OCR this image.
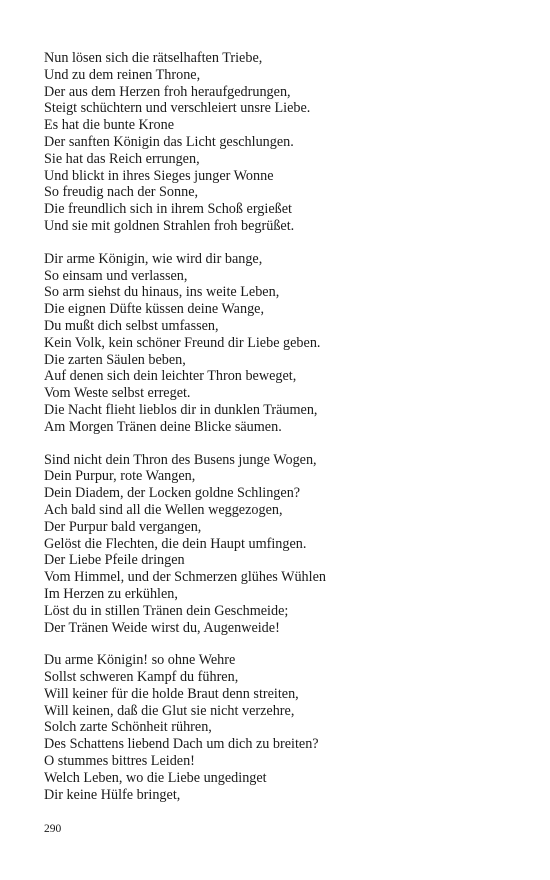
Nun lösen sich die rätselhaften Triebe,
Und zu dem reinen Throne,
Der aus dem Herzen froh heraufgedrungen,
Steigt schüchtern und verschleiert unsre Liebe.
Es hat die bunte Krone
Der sanften Königin das Licht geschlungen.
Sie hat das Reich errungen,
Und blickt in ihres Sieges junger Wonne
So freudig nach der Sonne,
Die freundlich sich in ihrem Schoß ergießet
Und sie mit goldnen Strahlen froh begrüßet.
Dir arme Königin, wie wird dir bange,
So einsam und verlassen,
So arm siehst du hinaus, ins weite Leben,
Die eignen Düfte küssen deine Wange,
Du mußt dich selbst umfassen,
Kein Volk, kein schöner Freund dir Liebe geben.
Die zarten Säulen beben,
Auf denen sich dein leichter Thron beweget,
Vom Weste selbst erreget.
Die Nacht flieht lieblos dir in dunklen Träumen,
Am Morgen Tränen deine Blicke säumen.
Sind nicht dein Thron des Busens junge Wogen,
Dein Purpur, rote Wangen,
Dein Diadem, der Locken goldne Schlingen?
Ach bald sind all die Wellen weggezogen,
Der Purpur bald vergangen,
Gelöst die Flechten, die dein Haupt umfingen.
Der Liebe Pfeile dringen
Vom Himmel, und der Schmerzen glühes Wühlen
Im Herzen zu erkühlen,
Löst du in stillen Tränen dein Geschmeide;
Der Tränen Weide wirst du, Augenweide!
Du arme Königin! so ohne Wehre
Sollst schweren Kampf du führen,
Will keiner für die holde Braut denn streiten,
Will keinen, daß die Glut sie nicht verzehre,
Solch zarte Schönheit rühren,
Des Schattens liebend Dach um dich zu breiten?
O stummes bittres Leiden!
Welch Leben, wo die Liebe ungedinget
Dir keine Hülfe bringet,
290
